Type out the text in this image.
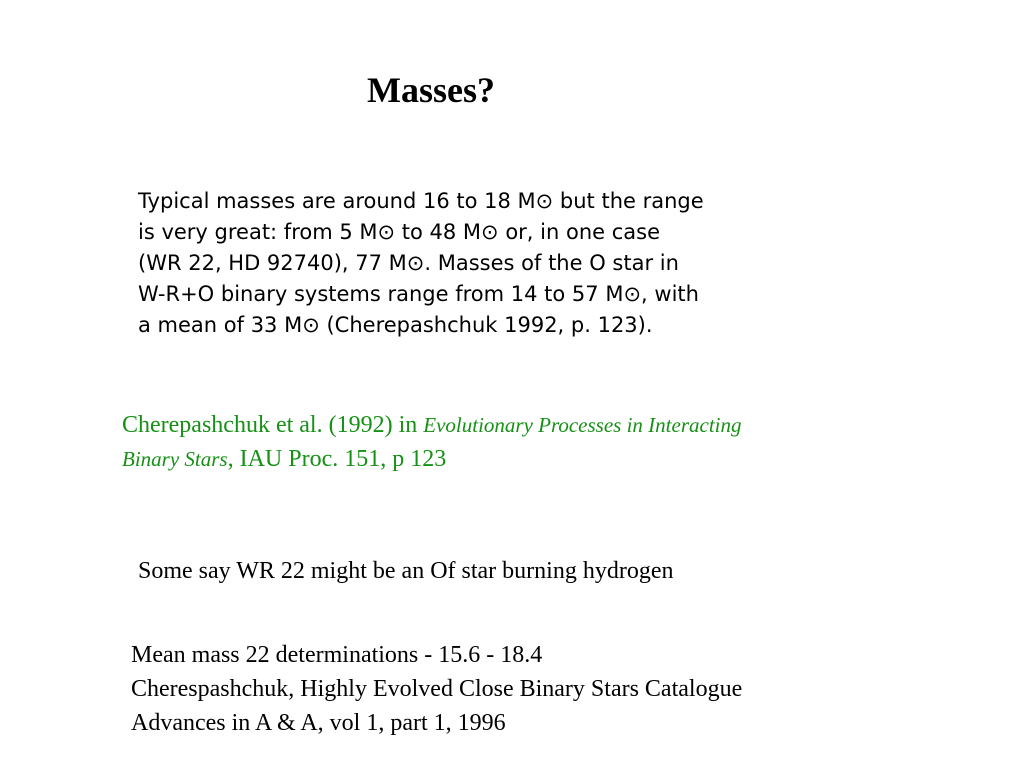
Masses?
Typical masses are around 16 to 18 M⊙ but the range
is very great: from 5 M⊙ to 48 M⊙ or, in one case
(WR 22, HD 92740), 77 M⊙. Masses of the O star in
W-R+O binary systems range from 14 to 57 M⊙, with
a mean of 33 M⊙ (Cherepashchuk 1992, p. 123).
Cherepashchuk et al. (1992) in Evolutionary Processes in Interacting
Binary Stars, IAU Proc. 151, p 123
Some say WR 22 might be an Of star burning hydrogen
Mean mass 22 determinations - 15.6 - 18.4
Cherespashchuk, Highly Evolved Close Binary Stars Catalogue
Advances in A & A, vol 1, part 1, 1996
